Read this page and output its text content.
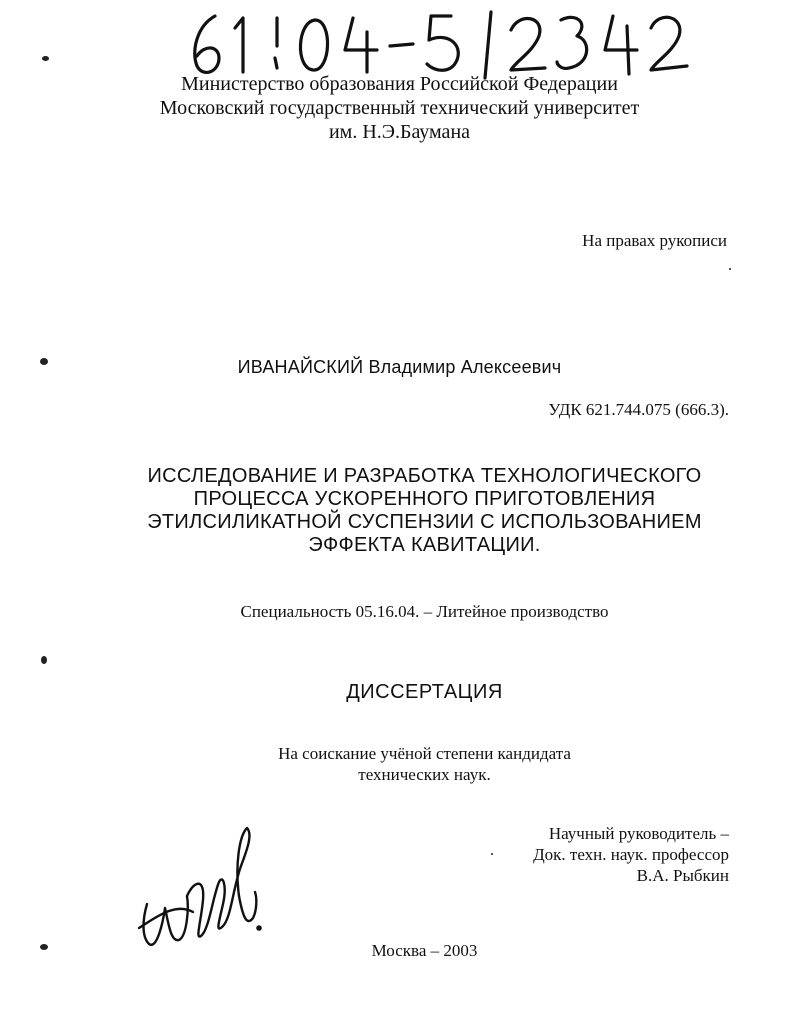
Министерство образования Российской Федерации
Московский государственный технический университет
им. Н.Э.Баумана
На правах рукописи
ИВАНАЙСКИЙ Владимир Алексеевич
УДК 621.744.075 (666.3).
ИССЛЕДОВАНИЕ И РАЗРАБОТКА ТЕХНОЛОГИЧЕСКОГО
ПРОЦЕССА УСКОРЕННОГО ПРИГОТОВЛЕНИЯ
ЭТИЛСИЛИКАТНОЙ СУСПЕНЗИИ С ИСПОЛЬЗОВАНИЕМ
ЭФФЕКТА КАВИТАЦИИ.
Специальность 05.16.04. – Литейное производство
ДИССЕРТАЦИЯ
На соискание учёной степени кандидата
технических наук.
Научный руководитель –
Док. техн. наук. профессор
В.А. Рыбкин
Москва – 2003
